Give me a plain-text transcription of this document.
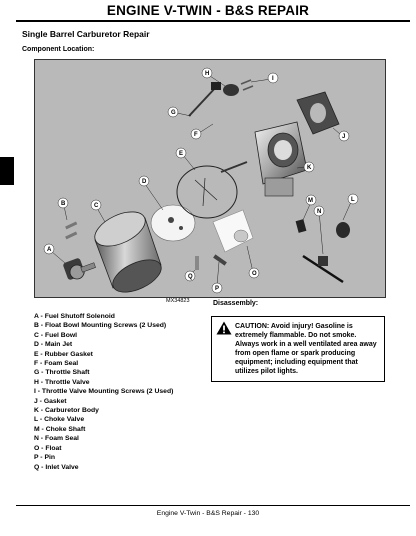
ENGINE V-TWIN - B&S REPAIR
Single Barrel Carburetor Repair
Component Location:
H
I
G
F	J
E
K
D
B	C
L
M
N
A
Q
P
O
MX34823
A - Fuel Shutoff Solenoid
B - Float Bowl Mounting Screws (2 Used)
C - Fuel Bowl
D - Main Jet
E - Rubber Gasket
F - Foam Seal
G - Throttle Shaft
H - Throttle Valve
I - Throttle Valve Mounting Screws (2 Used)
J - Gasket
K - Carburetor Body
L - Choke Valve
M - Choke Shaft
N - Foam Seal
O - Float
P - Pin
Q - Inlet Valve
Disassembly:
CAUTION: Avoid injury! Gasoline is extremely flammable. Do not smoke. Always work in a well ventilated area away from open flame or spark producing equipment; including equipment that utilizes pilot lights.
Engine V-Twin - B&S Repair - 130
